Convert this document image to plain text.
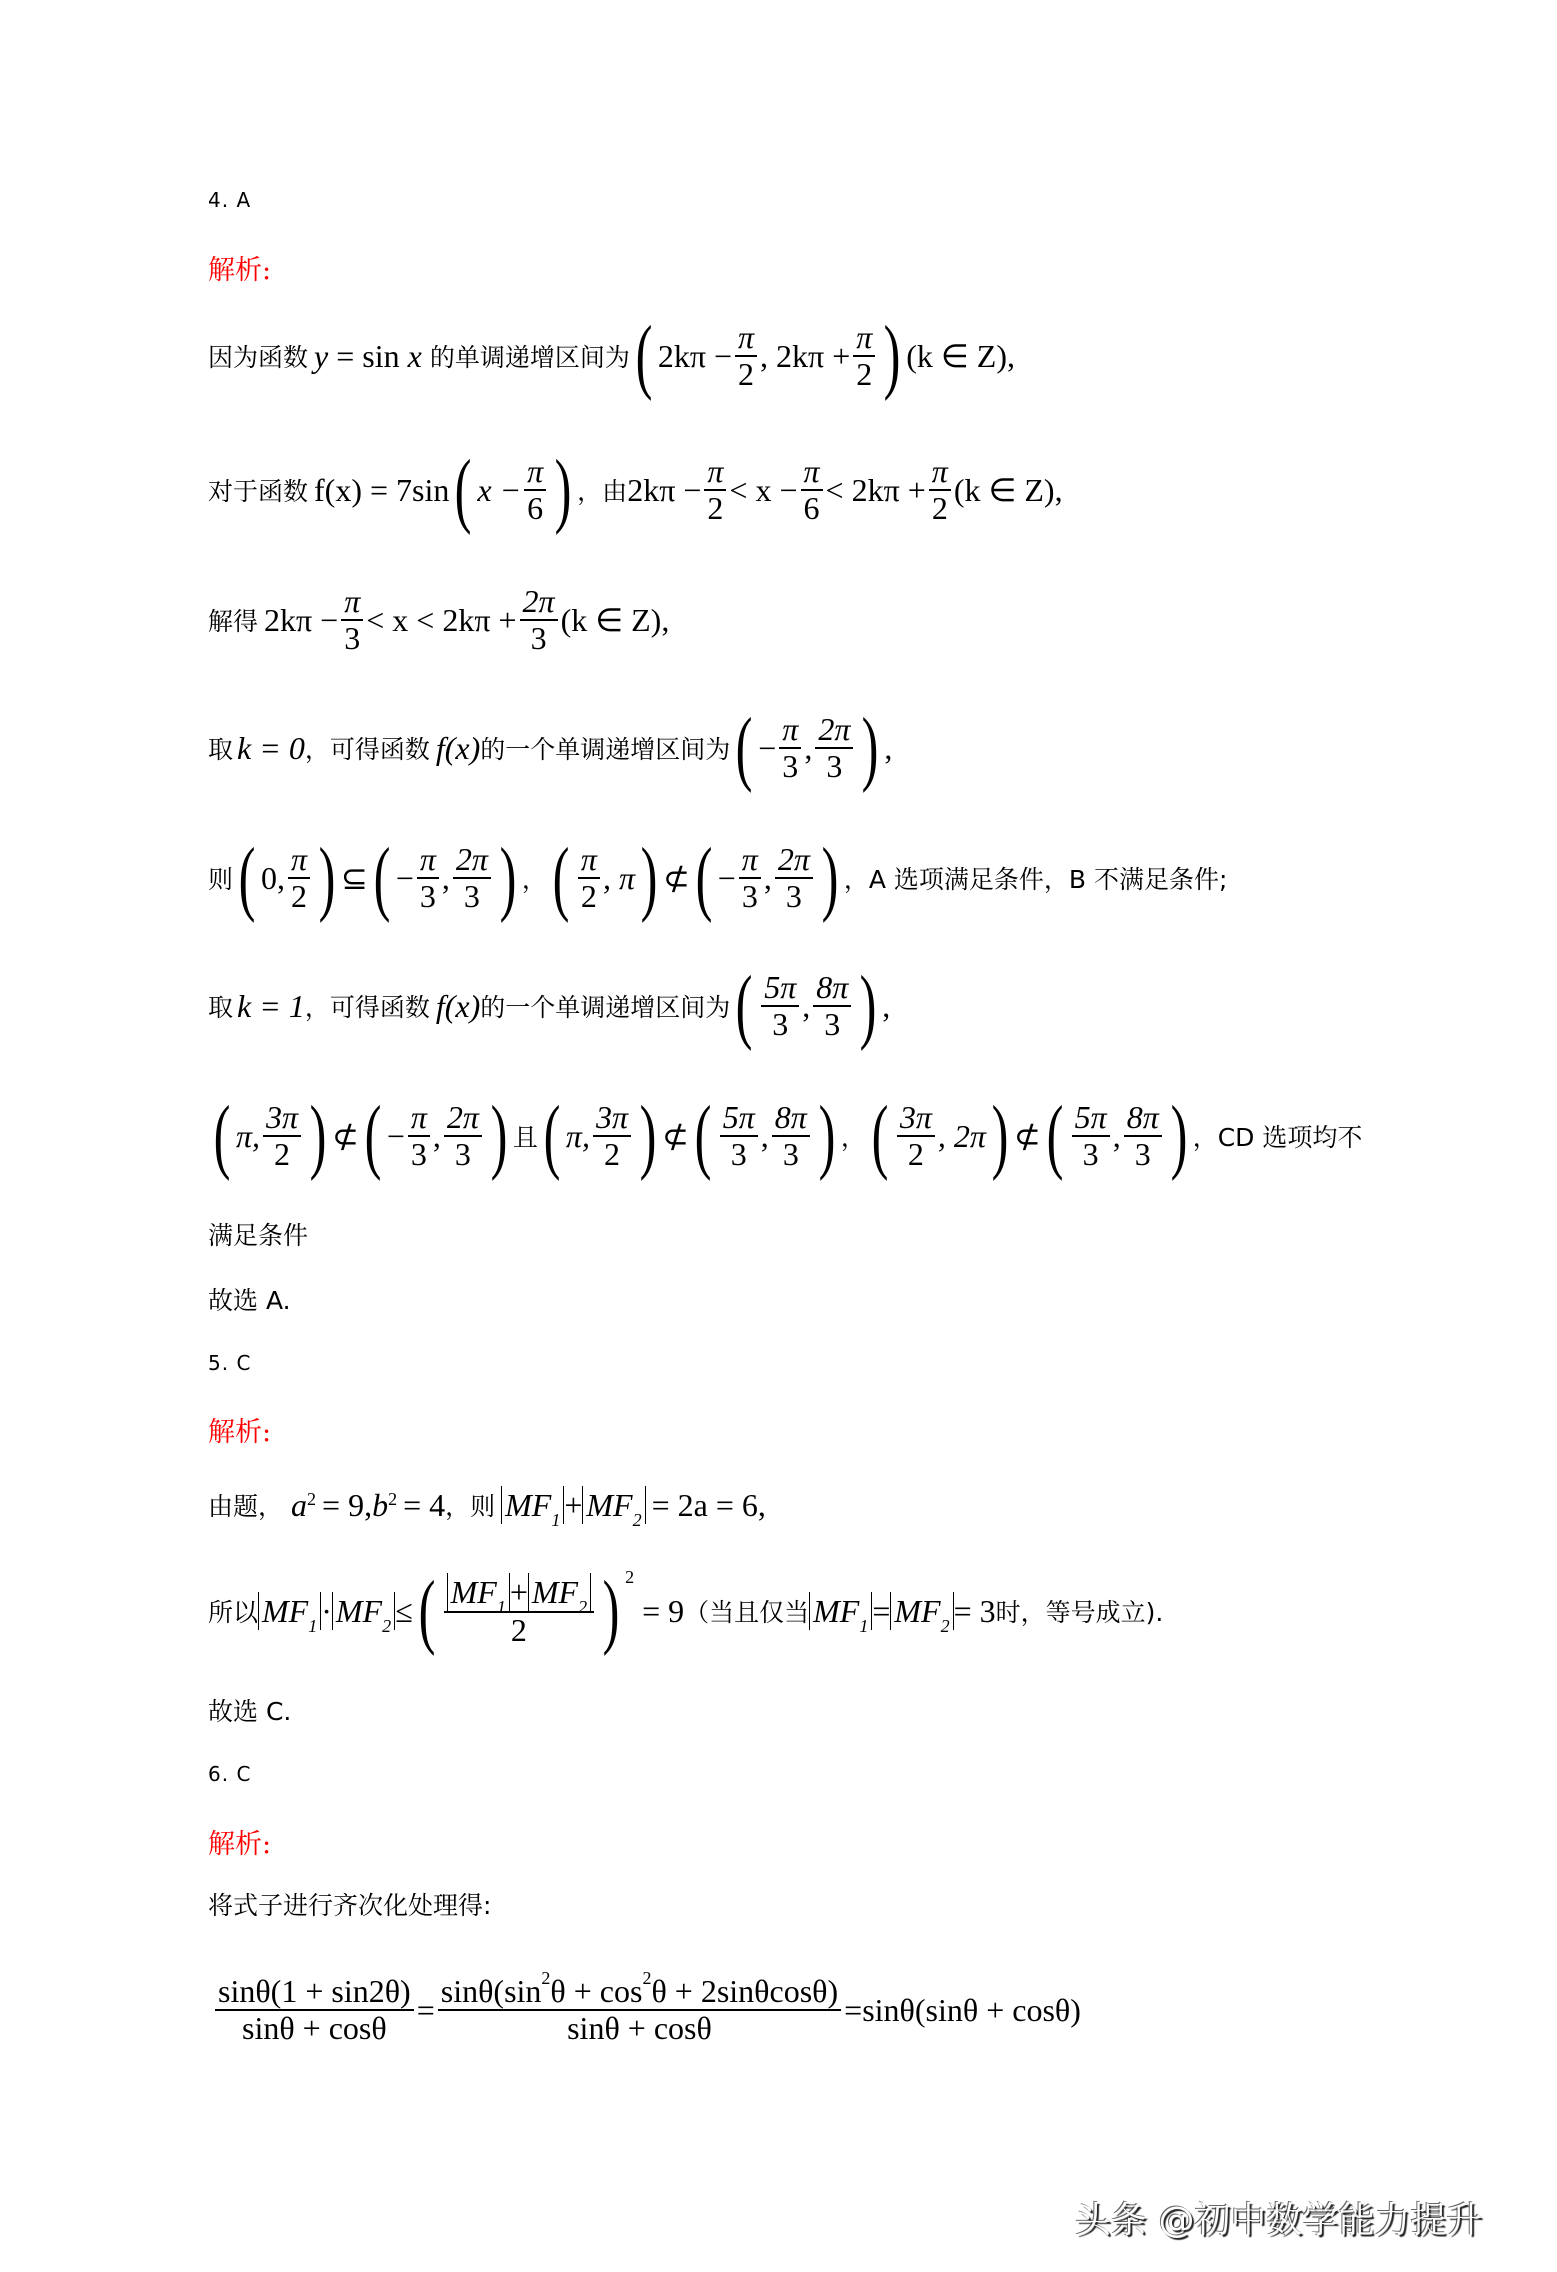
4. A
解析:
因为函数 y = sin x 的单调递增区间为 ( $2k\pi - \frac{\pi}{2}$ , $2k\pi + \frac{\pi}{2}$ ) (k ∈ Z) ,
对于函数 f(x) = 7sin ( $x - \frac{\pi}{6}$ ) ，由 $2k\pi - \frac{\pi}{2} < x - \frac{\pi}{6} < 2k\pi + \frac{\pi}{2} (k$ ∈ Z) ,
解得 $2k\pi - \frac{\pi}{3} < x < 2k\pi + \frac{2\pi}{3} (k$ ∈ Z) ,
取 k = 0 ，可得函数 f(x) 的一个单调递增区间为 ( − $\frac{\pi}{3}$ , $\frac{2\pi}{3}$ ) ,
则 ( 0, $\frac{\pi}{2}$ ) ⊆ ( − $\frac{\pi}{3}$ , $\frac{2\pi}{3}$ ) ， ( $\frac{\pi}{2}$ , π ) ⊄ ( − $\frac{\pi}{3}$ , $\frac{2\pi}{3}$ ) ，A 选项满足条件，B 不满足条件;
取 k = 1 ，可得函数 f(x) 的一个单调递增区间为 ( $\frac{5\pi}{3}$ , $\frac{8\pi}{3}$ ) ,
( π, $\frac{3\pi}{2}$ ) ⊄ ( − $\frac{\pi}{3}$ , $\frac{2\pi}{3}$ ) 且 ( π, $\frac{3\pi}{2}$ ) ⊄ ( $\frac{5\pi}{3}$ , $\frac{8\pi}{3}$ ) ， ( $\frac{3\pi}{2}$ , 2π ) ⊄ ( $\frac{5\pi}{3}$ , $\frac{8\pi}{3}$ ) ，CD 选项均不
满足条件
故选 A.
5. C
解析:
由题， a 2 = 9, b 2 = 4 ，则 $MF_1 + MF_2 = 2a = 6$ ,
所以 $MF_1 \cdot MF_2$ ≤ ( $\frac{MF_1 + MF_2}{2}$ ) 2
= 9 （当且仅当 $MF_1 = MF_2 = 3$ 时，等号成立).
故选 C.
6. C
解析:
将式子进行齐次化处理得:
$\frac{\sin\theta(1 + \sin 2\theta)}{\sin\theta + \cos\theta} = \frac{\sin\theta(\sin^2\theta + \cos^2\theta + 2\sin\theta\cos\theta)}{\sin\theta + \cos\theta} = \sin\theta(\sin\theta + \cos\theta)$
头条 @初中数学能力提升
